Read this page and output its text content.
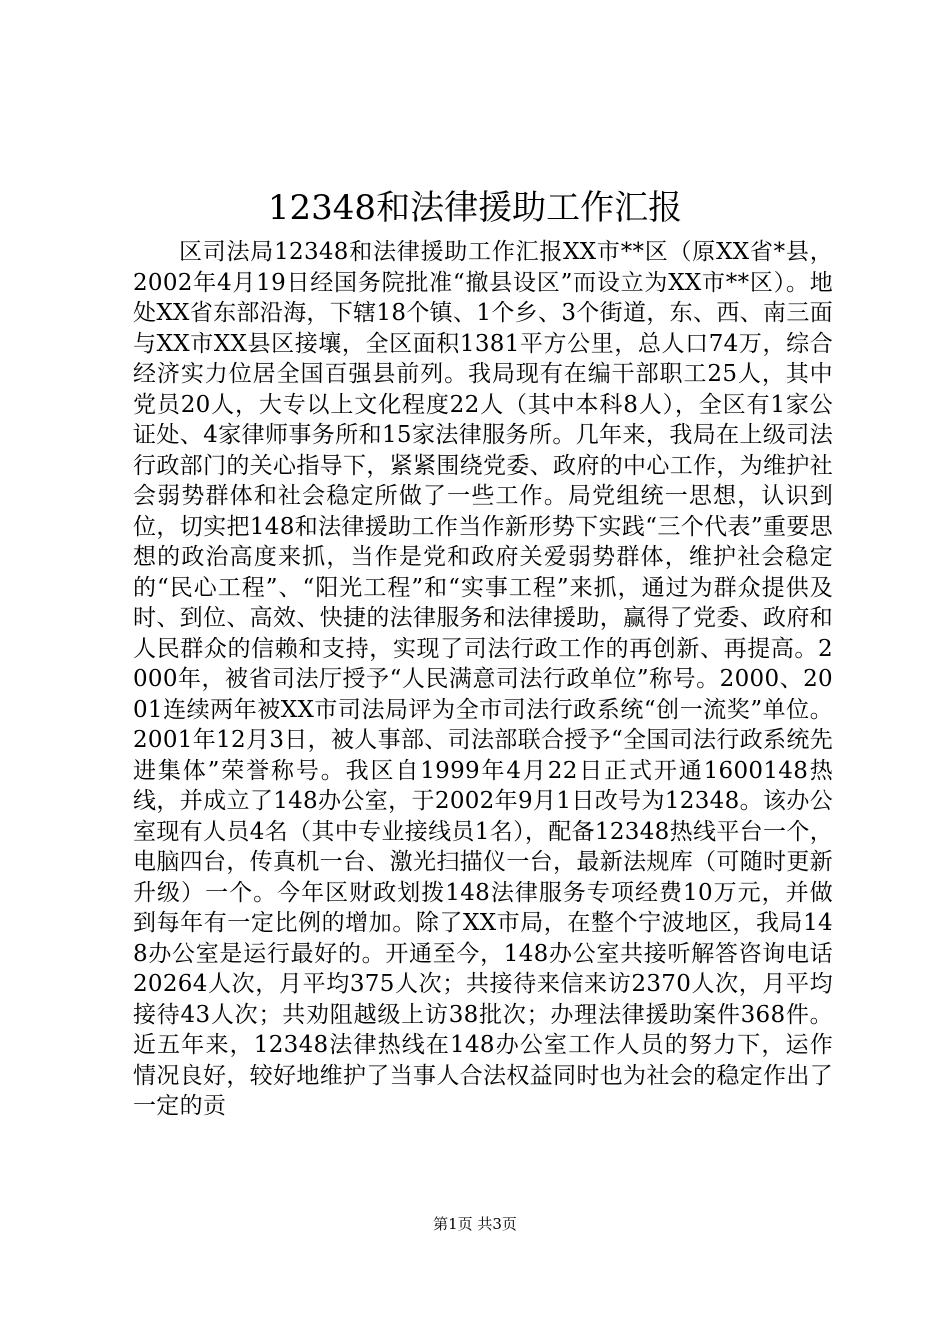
12348和法律援助工作汇报

区司法局12348和法律援助工作汇报XX市**区（原XX省*县，2002年4月19日经国务院批准“撤县设区”而设立为XX市**区）。地处XX省东部沿海，下辖18个镇、1个乡、3个街道，东、西、南三面与XX市XX县区接壤，全区面积1381平方公里，总人口74万，综合经济实力位居全国百强县前列。我局现有在编干部职工25人，其中党员20人，大专以上文化程度22人（其中本科8人），全区有1家公证处、4家律师事务所和15家法律服务所。几年来，我局在上级司法行政部门的关心指导下，紧紧围绕党委、政府的中心工作，为维护社会弱势群体和社会稳定所做了一些工作。局党组统一思想，认识到位，切实把148和法律援助工作当作新形势下实践“三个代表”重要思想的政治高度来抓，当作是党和政府关爱弱势群体，维护社会稳定的“民心工程”、“阳光工程”和“实事工程”来抓，通过为群众提供及时、到位、高效、快捷的法律服务和法律援助，赢得了党委、政府和人民群众的信赖和支持，实现了司法行政工作的再创新、再提高。2000年，被省司法厅授予“人民满意司法行政单位”称号。2000、2001连续两年被XX市司法局评为全市司法行政系统“创一流奖”单位。2001年12月3日，被人事部、司法部联合授予“全国司法行政系统先进集体”荣誉称号。我区自1999年4月22日正式开通1600148热线，并成立了148办公室，于2002年9月1日改号为12348。该办公室现有人员4名（其中专业接线员1名），配备12348热线平台一个，电脑四台，传真机一台、激光扫描仪一台，最新法规库（可随时更新升级）一个。今年区财政划拨148法律服务专项经费10万元，并做到每年有一定比例的增加。除了XX市局，在整个宁波地区，我局148办公室是运行最好的。开通至今，148办公室共接听解答咨询电话20264人次，月平均375人次；共接待来信来访2370人次，月平均接待43人次；共劝阻越级上访38批次；办理法律援助案件368件。近五年来，12348法律热线在148办公室工作人员的努力下，运作情况良好，较好地维护了当事人合法权益同时也为社会的稳定作出了一定的贡

第1页 共3页
